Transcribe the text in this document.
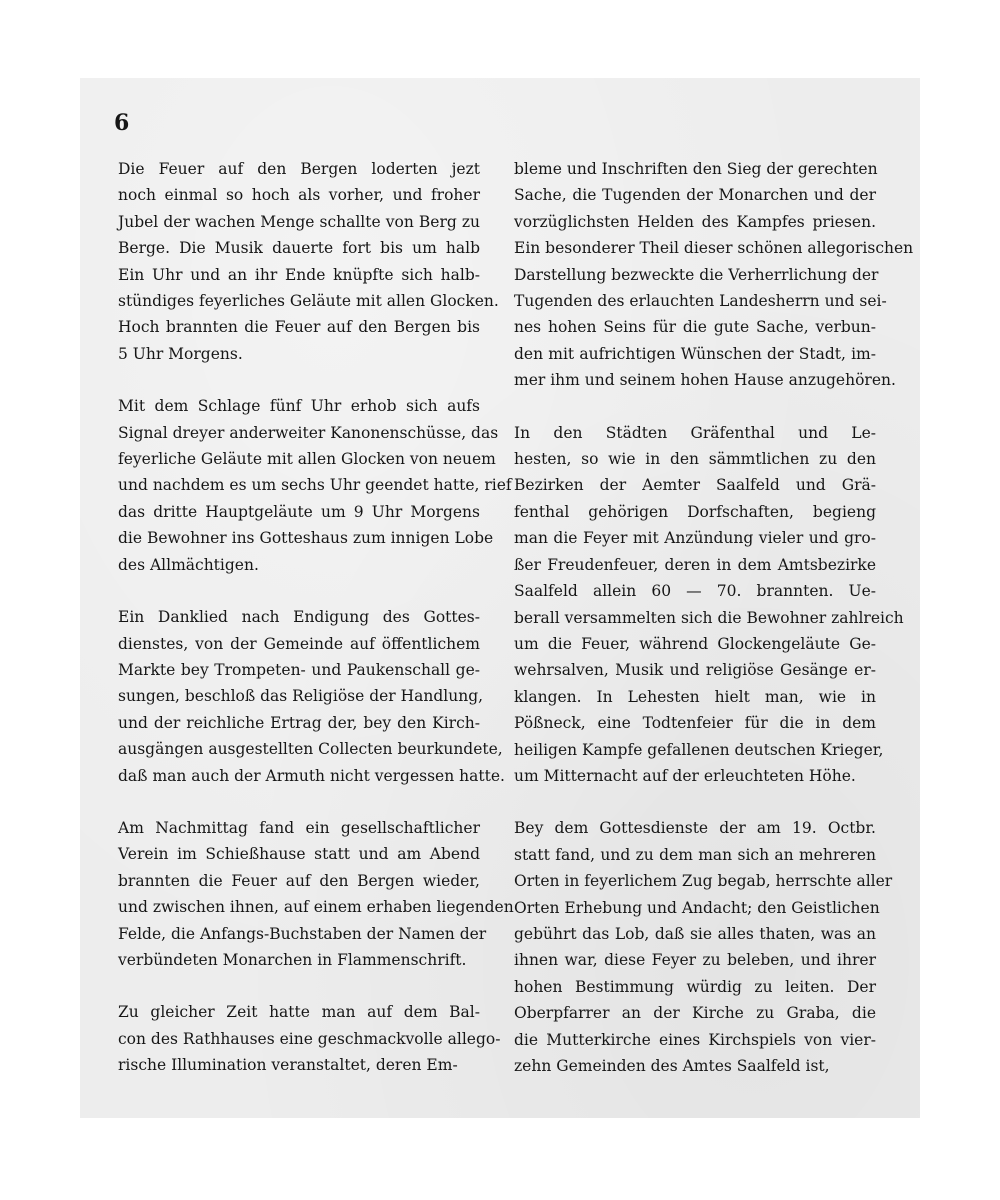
6
Die Feuer auf den Bergen loderten jezt
noch einmal so hoch als vorher, und froher
Jubel der wachen Menge schallte von Berg zu
Berge. Die Musik dauerte fort bis um halb
Ein Uhr und an ihr Ende knüpfte sich halb-
stündiges feyerliches Geläute mit allen Glocken.
Hoch brannten die Feuer auf den Bergen bis
5 Uhr Morgens.
Mit dem Schlage fünf Uhr erhob sich aufs
Signal dreyer anderweiter Kanonenschüsse, das
feyerliche Geläute mit allen Glocken von neuem
und nachdem es um sechs Uhr geendet hatte, rief
das dritte Hauptgeläute um 9 Uhr Morgens
die Bewohner ins Gotteshaus zum innigen Lobe
des Allmächtigen.
Ein Danklied nach Endigung des Gottes-
dienstes, von der Gemeinde auf öffentlichem
Markte bey Trompeten- und Paukenschall ge-
sungen, beschloß das Religiöse der Handlung,
und der reichliche Ertrag der, bey den Kirch-
ausgängen ausgestellten Collecten beurkundete,
daß man auch der Armuth nicht vergessen hatte.
Am Nachmittag fand ein gesellschaftlicher
Verein im Schießhause statt und am Abend
brannten die Feuer auf den Bergen wieder,
und zwischen ihnen, auf einem erhaben liegenden
Felde, die Anfangs-Buchstaben der Namen der
verbündeten Monarchen in Flammenschrift.
Zu gleicher Zeit hatte man auf dem Bal-
con des Rathhauses eine geschmackvolle allego-
rische Illumination veranstaltet, deren Em-
bleme und Inschriften den Sieg der gerechten
Sache, die Tugenden der Monarchen und der
vorzüglichsten Helden des Kampfes priesen.
Ein besonderer Theil dieser schönen allegorischen
Darstellung bezweckte die Verherrlichung der
Tugenden des erlauchten Landesherrn und sei-
nes hohen Seins für die gute Sache, verbun-
den mit aufrichtigen Wünschen der Stadt, im-
mer ihm und seinem hohen Hause anzugehören.
In den Städten Gräfenthal und Le-
hesten, so wie in den sämmtlichen zu den
Bezirken der Aemter Saalfeld und Grä-
fenthal gehörigen Dorfschaften, begieng
man die Feyer mit Anzündung vieler und gro-
ßer Freudenfeuer, deren in dem Amtsbezirke
Saalfeld allein 60 — 70. brannten. Ue-
berall versammelten sich die Bewohner zahlreich
um die Feuer, während Glockengeläute Ge-
wehrsalven, Musik und religiöse Gesänge er-
klangen. In Lehesten hielt man, wie in
Pößneck, eine Todtenfeier für die in dem
heiligen Kampfe gefallenen deutschen Krieger,
um Mitternacht auf der erleuchteten Höhe.
Bey dem Gottesdienste der am 19. Octbr.
statt fand, und zu dem man sich an mehreren
Orten in feyerlichem Zug begab, herrschte aller
Orten Erhebung und Andacht; den Geistlichen
gebührt das Lob, daß sie alles thaten, was an
ihnen war, diese Feyer zu beleben, und ihrer
hohen Bestimmung würdig zu leiten. Der
Oberpfarrer an der Kirche zu Graba, die
die Mutterkirche eines Kirchspiels von vier-
zehn Gemeinden des Amtes Saalfeld ist,
